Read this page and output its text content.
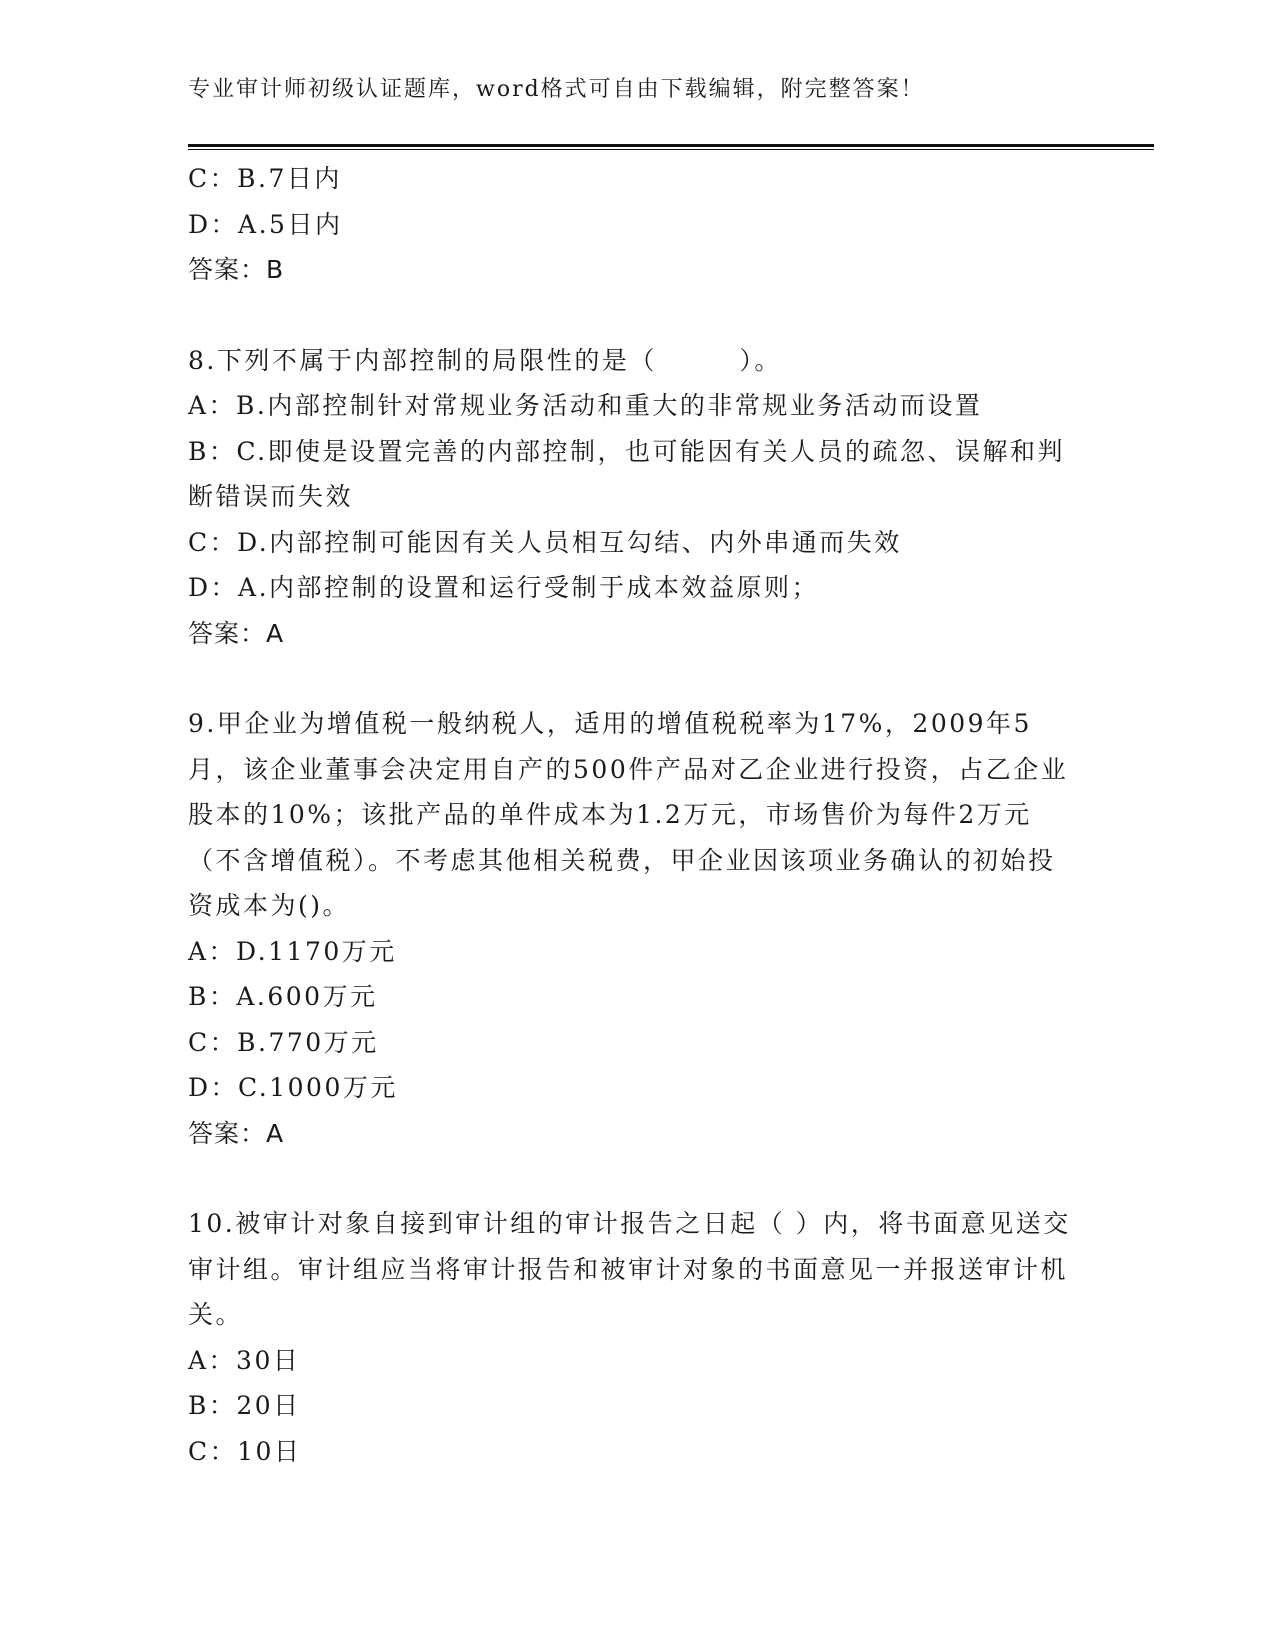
专业审计师初级认证题库，word格式可自由下载编辑，附完整答案！
C：B.7日内
D：A.5日内
答案：B
8.下列不属于内部控制的局限性的是（　　　）。
A：B.内部控制针对常规业务活动和重大的非常规业务活动而设置
B：C.即使是设置完善的内部控制，也可能因有关人员的疏忽、误解和判断错误而失效
C：D.内部控制可能因有关人员相互勾结、内外串通而失效
D：A.内部控制的设置和运行受制于成本效益原则；
答案：A
9.甲企业为增值税一般纳税人，适用的增值税税率为17%，2009年5月，该企业董事会决定用自产的500件产品对乙企业进行投资，占乙企业股本的10%；该批产品的单件成本为1.2万元，市场售价为每件2万元（不含增值税）。不考虑其他相关税费，甲企业因该项业务确认的初始投资成本为()。
A：D.1170万元
B：A.600万元
C：B.770万元
D：C.1000万元
答案：A
10.被审计对象自接到审计组的审计报告之日起（ ）内，将书面意见送交审计组。审计组应当将审计报告和被审计对象的书面意见一并报送审计机关。
A：30日
B：20日
C：10日
